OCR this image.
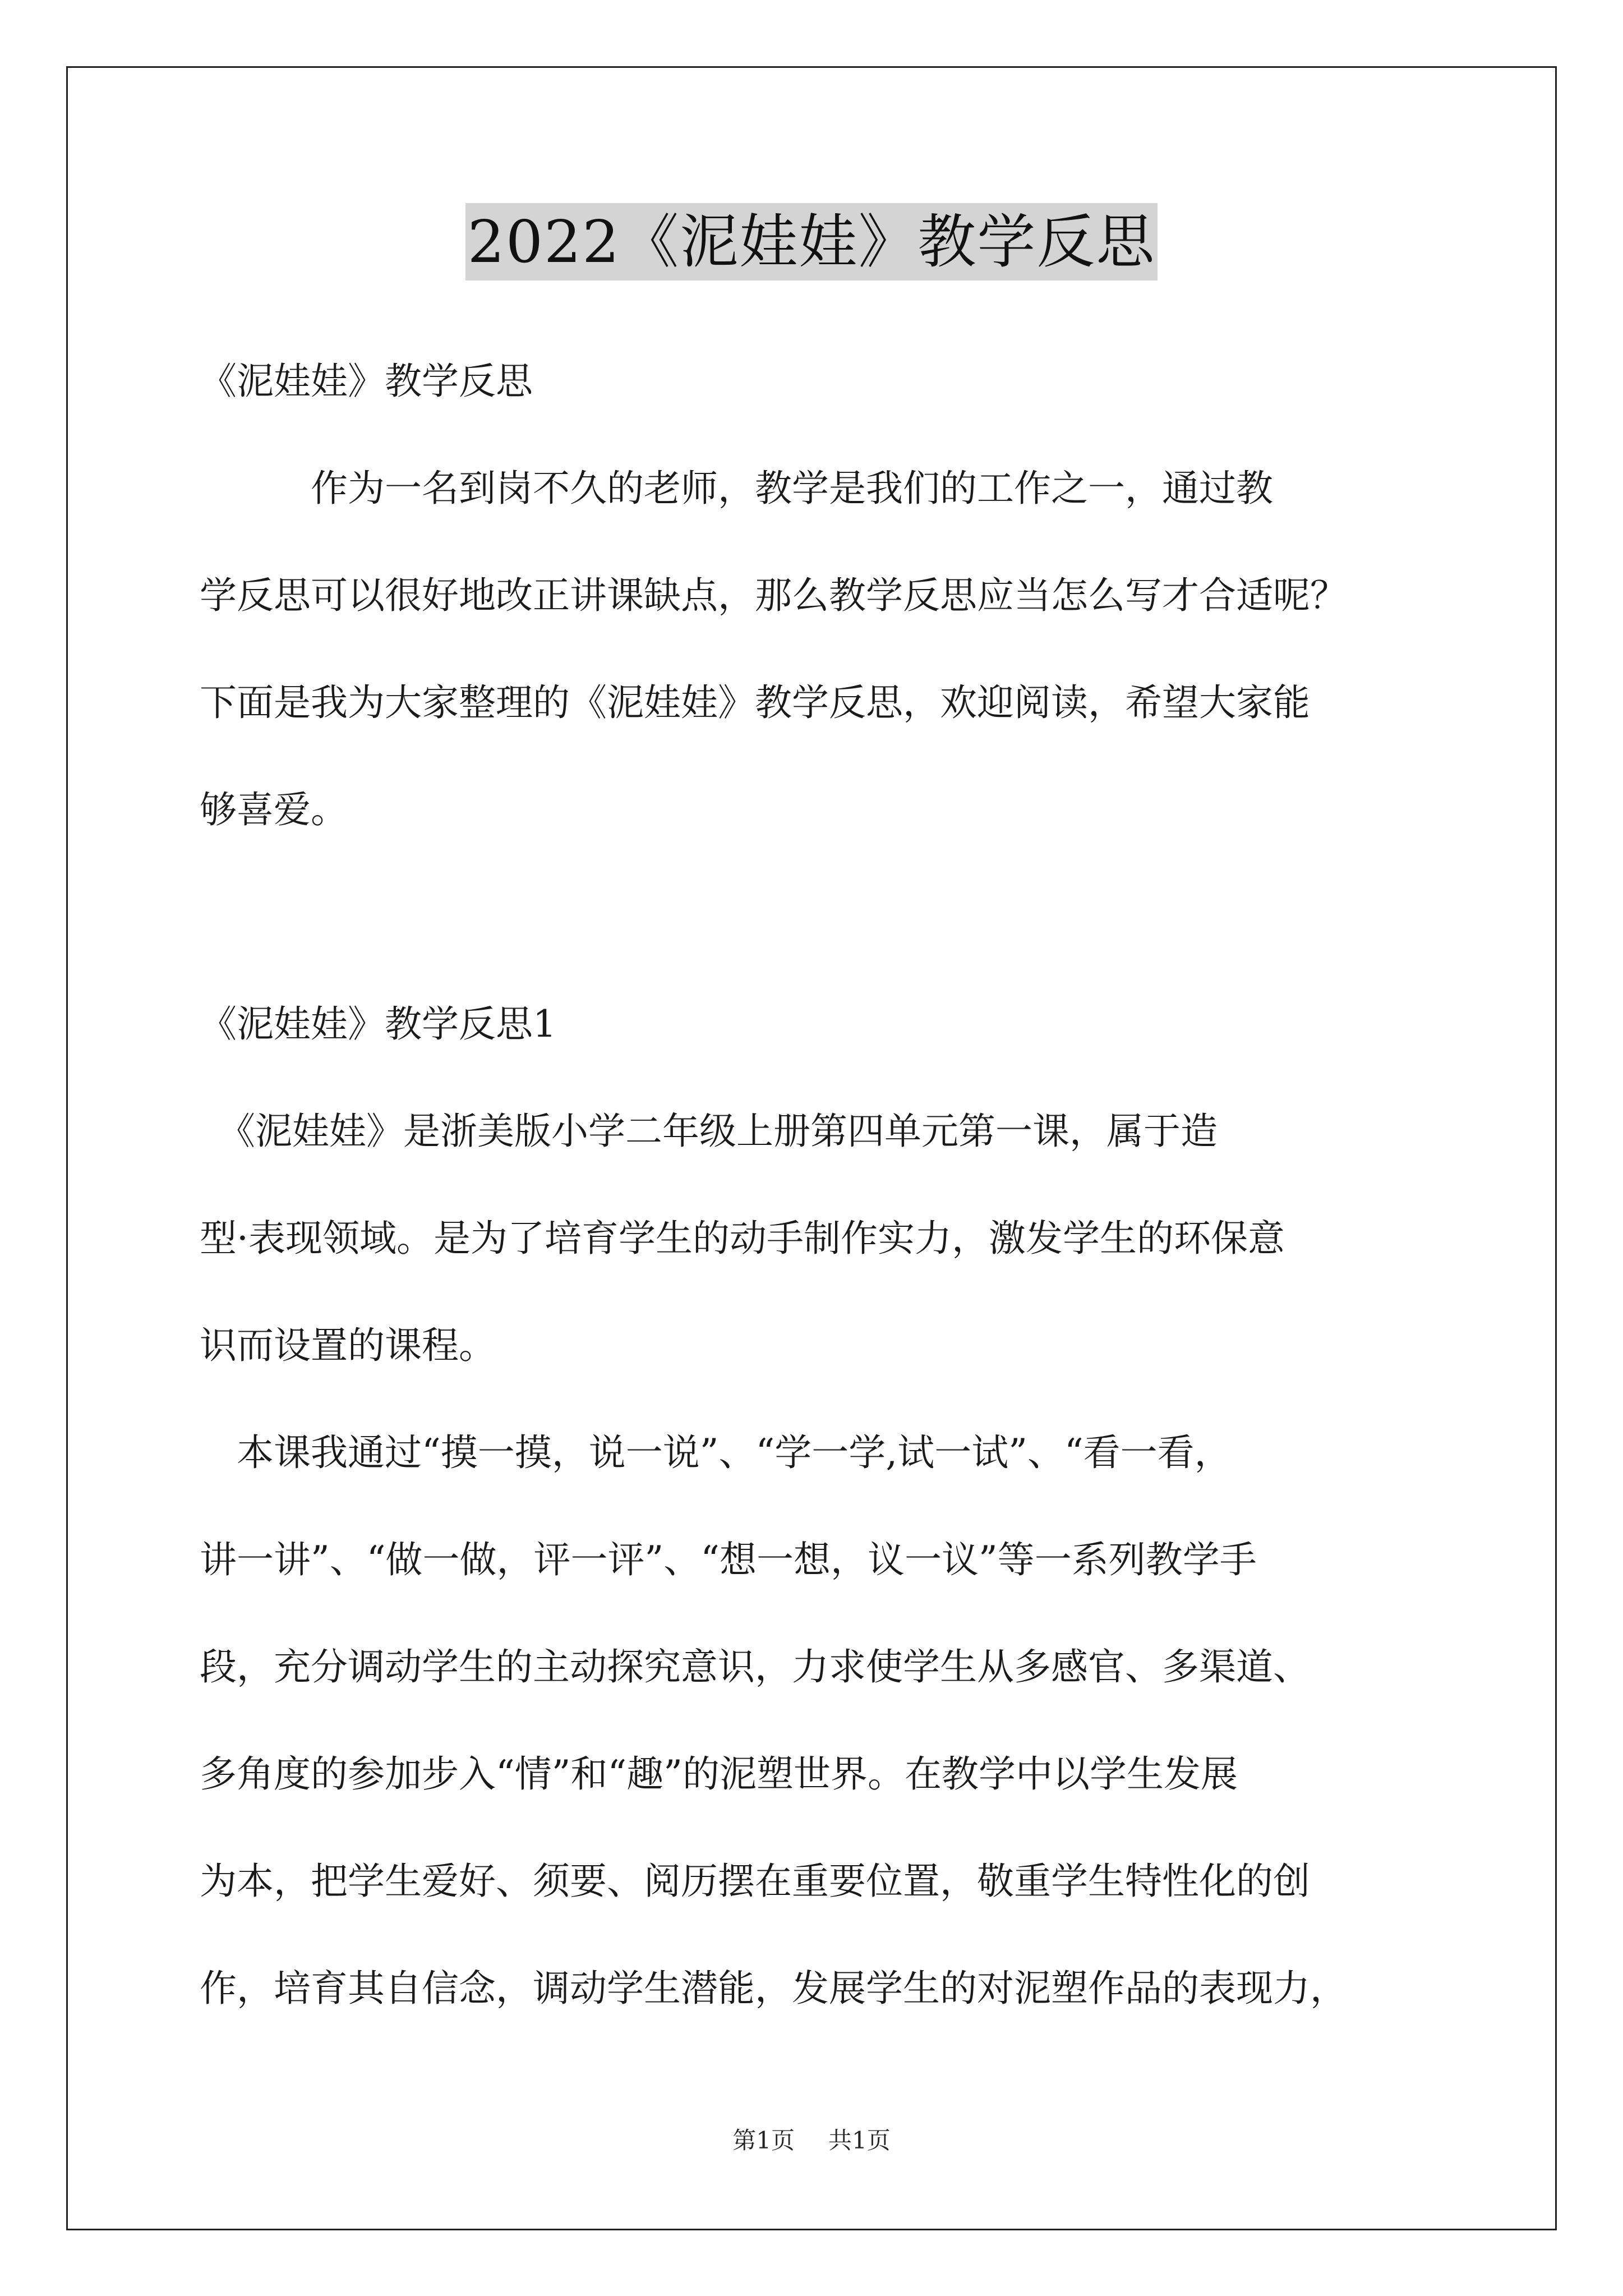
2022《泥娃娃》教学反思
《泥娃娃》教学反思
　　　作为一名到岗不久的老师，教学是我们的工作之一，通过教
学反思可以很好地改正讲课缺点，那么教学反思应当怎么写才合适呢？
下面是我为大家整理的《泥娃娃》教学反思，欢迎阅读，希望大家能
够喜爱。
《泥娃娃》教学反思1
　《泥娃娃》是浙美版小学二年级上册第四单元第一课，属于造
型·表现领域。是为了培育学生的动手制作实力，激发学生的环保意
识而设置的课程。
　本课我通过“摸一摸，说一说”、“学一学,试一试”、“看一看，
讲一讲”、“做一做，评一评”、“想一想，议一议”等一系列教学手
段，充分调动学生的主动探究意识，力求使学生从多感官、多渠道、
多角度的参加步入“情”和“趣”的泥塑世界。在教学中以学生发展
为本，把学生爱好、须要、阅历摆在重要位置，敬重学生特性化的创
作，培育其自信念，调动学生潜能，发展学生的对泥塑作品的表现力，
第1页 共1页
